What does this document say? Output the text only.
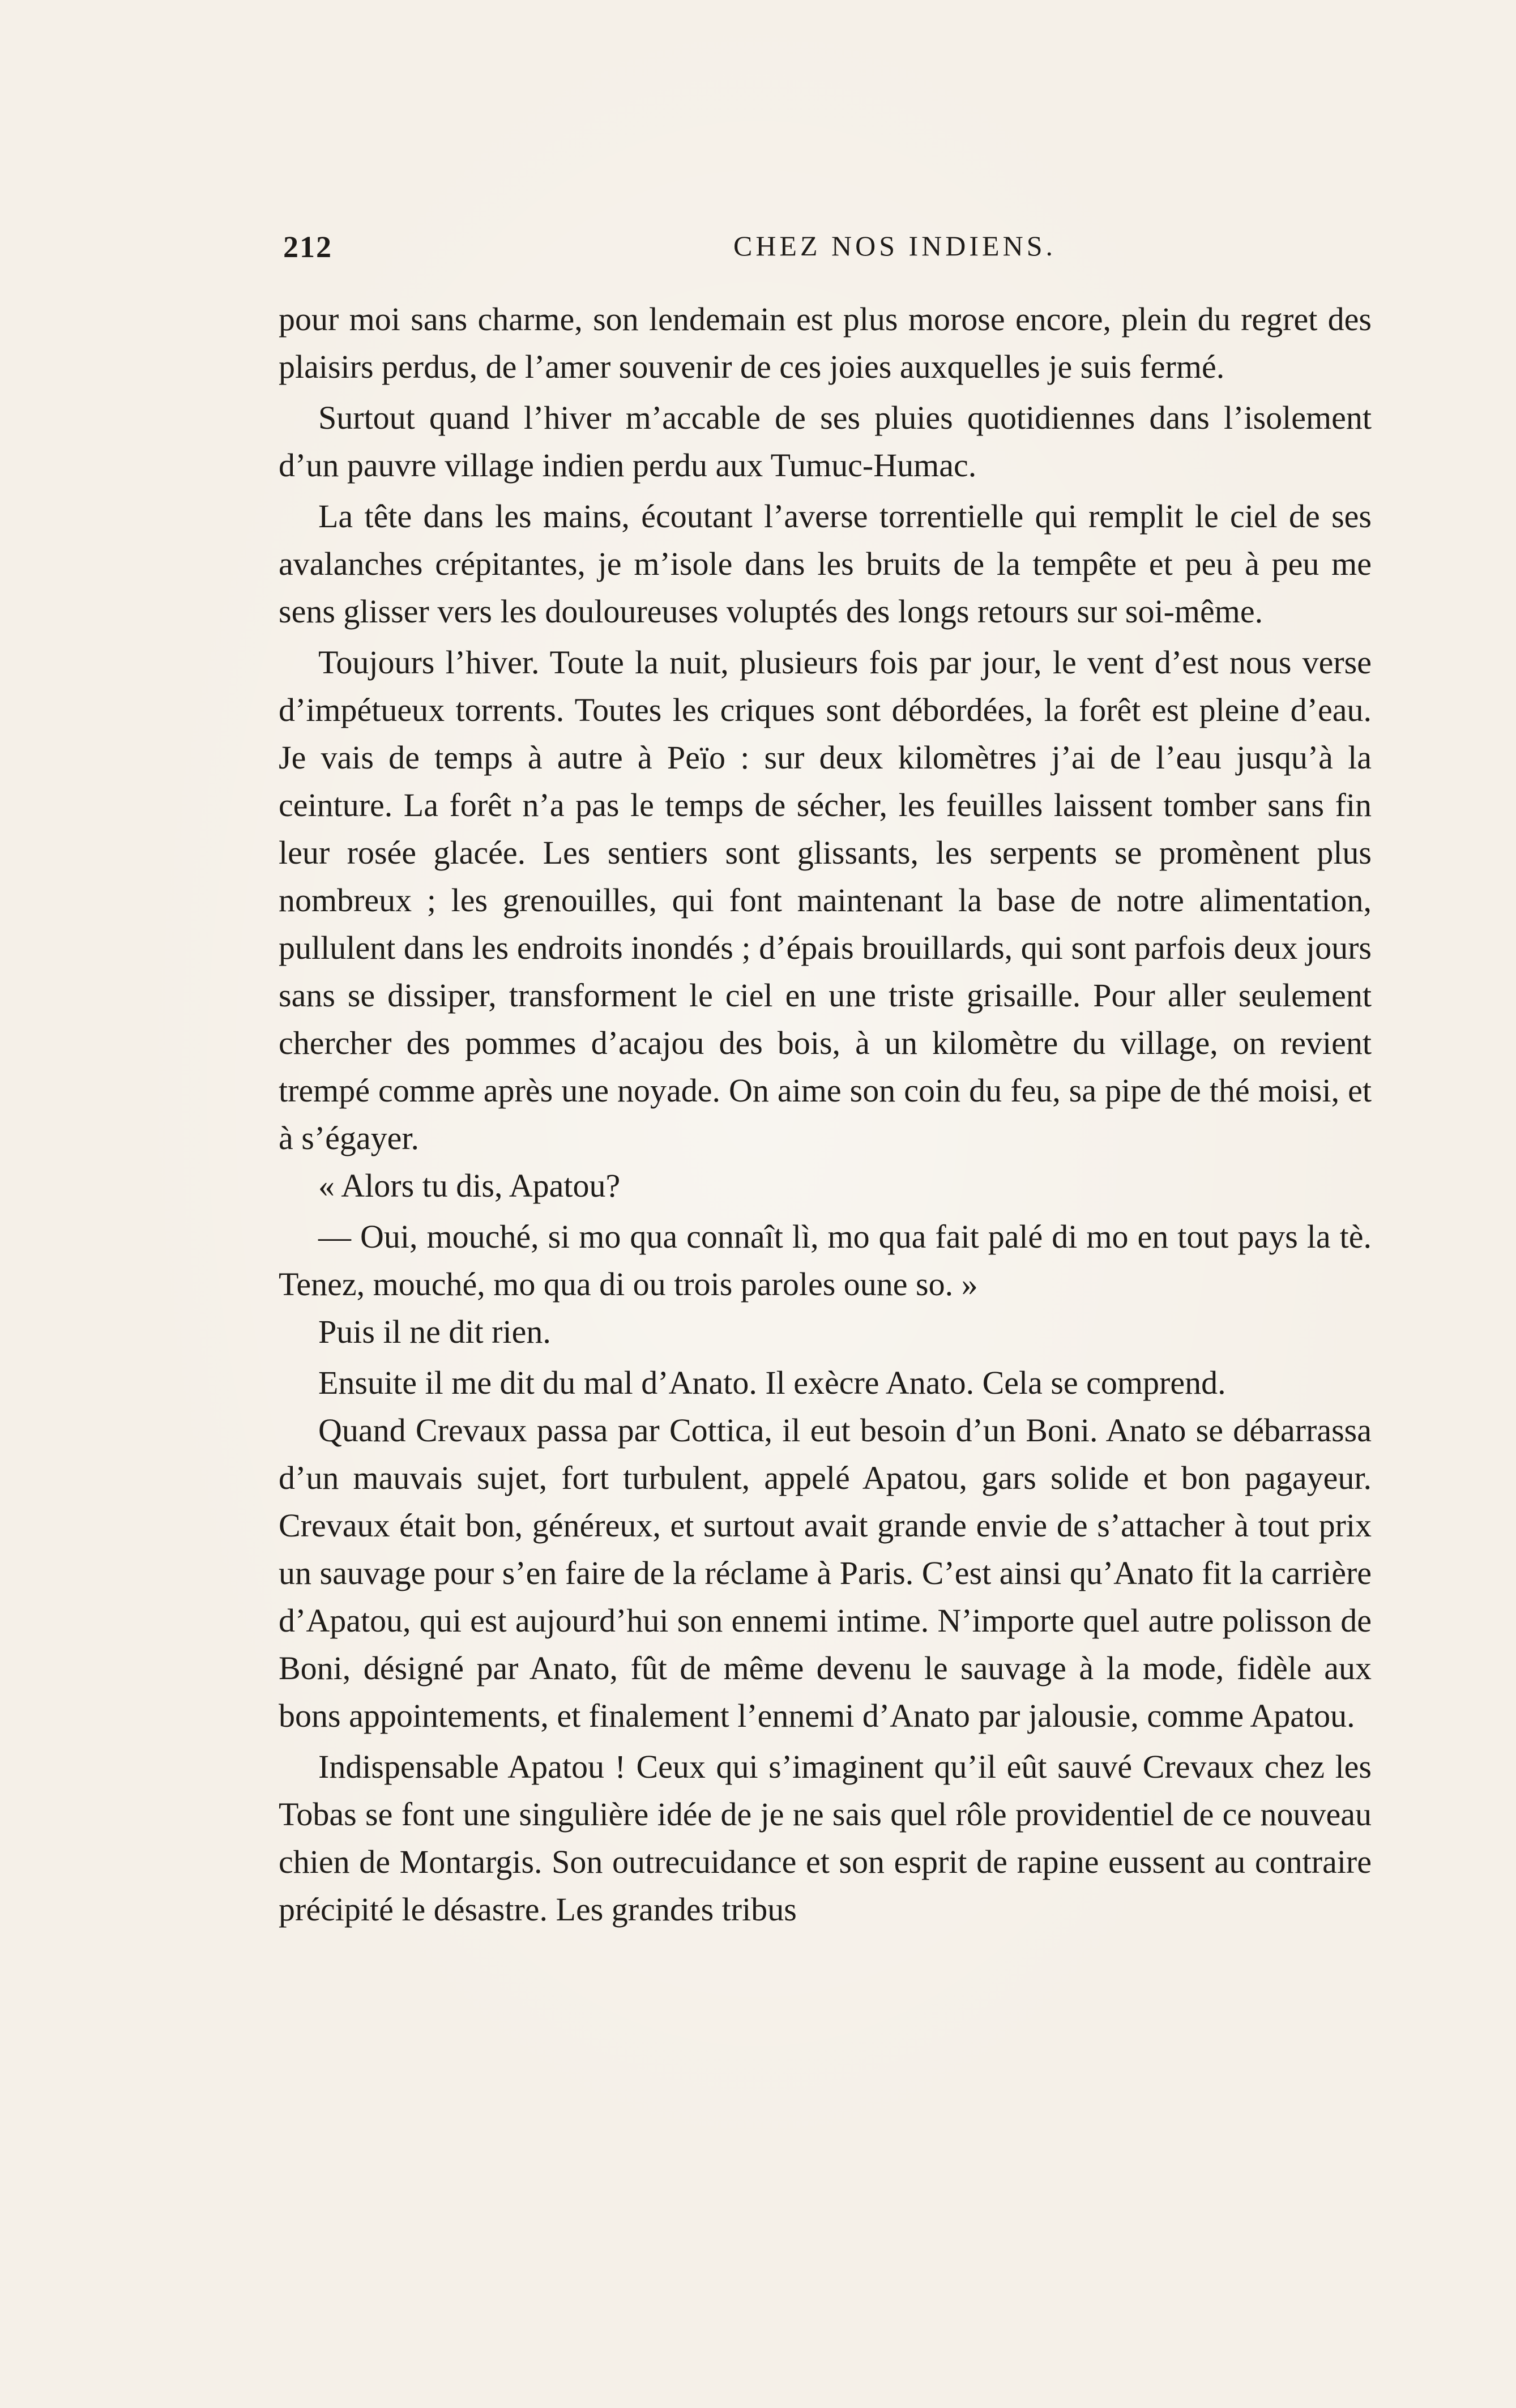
212	CHEZ NOS INDIENS.

pour moi sans charme, son lendemain est plus morose encore, plein du regret des plaisirs perdus, de l’amer souvenir de ces joies auxquelles je suis fermé.

Surtout quand l’hiver m’accable de ses pluies quotidiennes dans l’isolement d’un pauvre village indien perdu aux Tumuc-Humac.

La tête dans les mains, écoutant l’averse torrentielle qui remplit le ciel de ses avalanches crépitantes, je m’isole dans les bruits de la tempête et peu à peu me sens glisser vers les douloureuses voluptés des longs retours sur soi-même.

Toujours l’hiver. Toute la nuit, plusieurs fois par jour, le vent d’est nous verse d’impétueux torrents. Toutes les criques sont débordées, la forêt est pleine d’eau. Je vais de temps à autre à Peïo : sur deux kilomètres j’ai de l’eau jusqu’à la ceinture. La forêt n’a pas le temps de sécher, les feuilles laissent tomber sans fin leur rosée glacée. Les sentiers sont glissants, les serpents se promènent plus nombreux ; les grenouilles, qui font maintenant la base de notre alimentation, pullulent dans les endroits inondés ; d’épais brouillards, qui sont parfois deux jours sans se dissiper, transforment le ciel en une triste grisaille. Pour aller seulement chercher des pommes d’acajou des bois, à un kilomètre du village, on revient trempé comme après une noyade. On aime son coin du feu, sa pipe de thé moisi, et à s’égayer.

« Alors tu dis, Apatou?

— Oui, mouché, si mo qua connaît lì, mo qua fait palé di mo en tout pays la tè. Tenez, mouché, mo qua di ou trois paroles oune so. »

Puis il ne dit rien.

Ensuite il me dit du mal d’Anato. Il exècre Anato. Cela se comprend.

Quand Crevaux passa par Cottica, il eut besoin d’un Boni. Anato se débarrassa d’un mauvais sujet, fort turbulent, appelé Apatou, gars solide et bon pagayeur. Crevaux était bon, généreux, et surtout avait grande envie de s’attacher à tout prix un sauvage pour s’en faire de la réclame à Paris. C’est ainsi qu’Anato fit la carrière d’Apatou, qui est aujourd’hui son ennemi intime. N’importe quel autre polisson de Boni, désigné par Anato, fût de même devenu le sauvage à la mode, fidèle aux bons appointements, et finalement l’ennemi d’Anato par jalousie, comme Apatou.

Indispensable Apatou ! Ceux qui s’imaginent qu’il eût sauvé Crevaux chez les Tobas se font une singulière idée de je ne sais quel rôle providentiel de ce nouveau chien de Montargis. Son outrecuidance et son esprit de rapine eussent au contraire précipité le désastre. Les grandes tribus
